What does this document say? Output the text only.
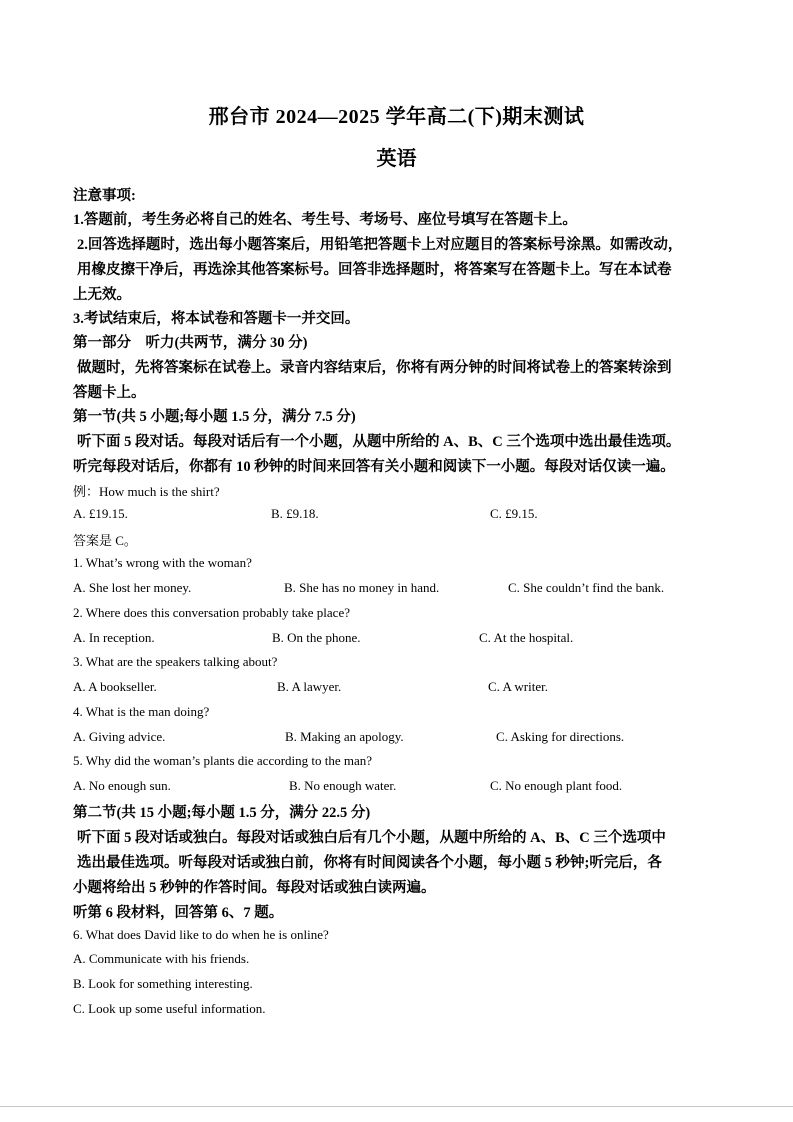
邢台市 2024—2025 学年高二(下)期末测试
英语
注意事项:
1.答题前，考生务必将自己的姓名、考生号、考场号、座位号填写在答题卡上。
2.回答选择题时，选出每小题答案后，用铅笔把答题卡上对应题目的答案标号涂黑。如需改动，
用橡皮擦干净后，再选涂其他答案标号。回答非选择题时，将答案写在答题卡上。写在本试卷
上无效。
3.考试结束后，将本试卷和答题卡一并交回。
第一部分　听力(共两节，满分 30 分)
做题时，先将答案标在试卷上。录音内容结束后，你将有两分钟的时间将试卷上的答案转涂到
答题卡上。
第一节(共 5 小题;每小题 1.5 分，满分 7.5 分)
听下面 5 段对话。每段对话后有一个小题，从题中所给的 A、B、C 三个选项中选出最佳选项。
听完每段对话后，你都有 10 秒钟的时间来回答有关小题和阅读下一小题。每段对话仅读一遍。
例：How much is the shirt?
A. £19.15.	B. £9.18.	C. £9.15.
答案是 C。
1. What’s wrong with the woman?
A. She lost her money.	B. She has no money in hand.	C. She couldn’t find the bank.
2. Where does this conversation probably take place?
A. In reception.	B. On the phone.	C. At the hospital.
3. What are the speakers talking about?
A. A bookseller.	B. A lawyer.	C. A writer.
4. What is the man doing?
A. Giving advice.	B. Making an apology.	C. Asking for directions.
5. Why did the woman’s plants die according to the man?
A. No enough sun.	B. No enough water.	C. No enough plant food.
第二节(共 15 小题;每小题 1.5 分，满分 22.5 分)
听下面 5 段对话或独白。每段对话或独白后有几个小题，从题中所给的 A、B、C 三个选项中
选出最佳选项。听每段对话或独白前，你将有时间阅读各个小题，每小题 5 秒钟;听完后，各
小题将给出 5 秒钟的作答时间。每段对话或独白读两遍。
听第 6 段材料，回答第 6、7 题。
6. What does David like to do when he is online?
A. Communicate with his friends.
B. Look for something interesting.
C. Look up some useful information.
